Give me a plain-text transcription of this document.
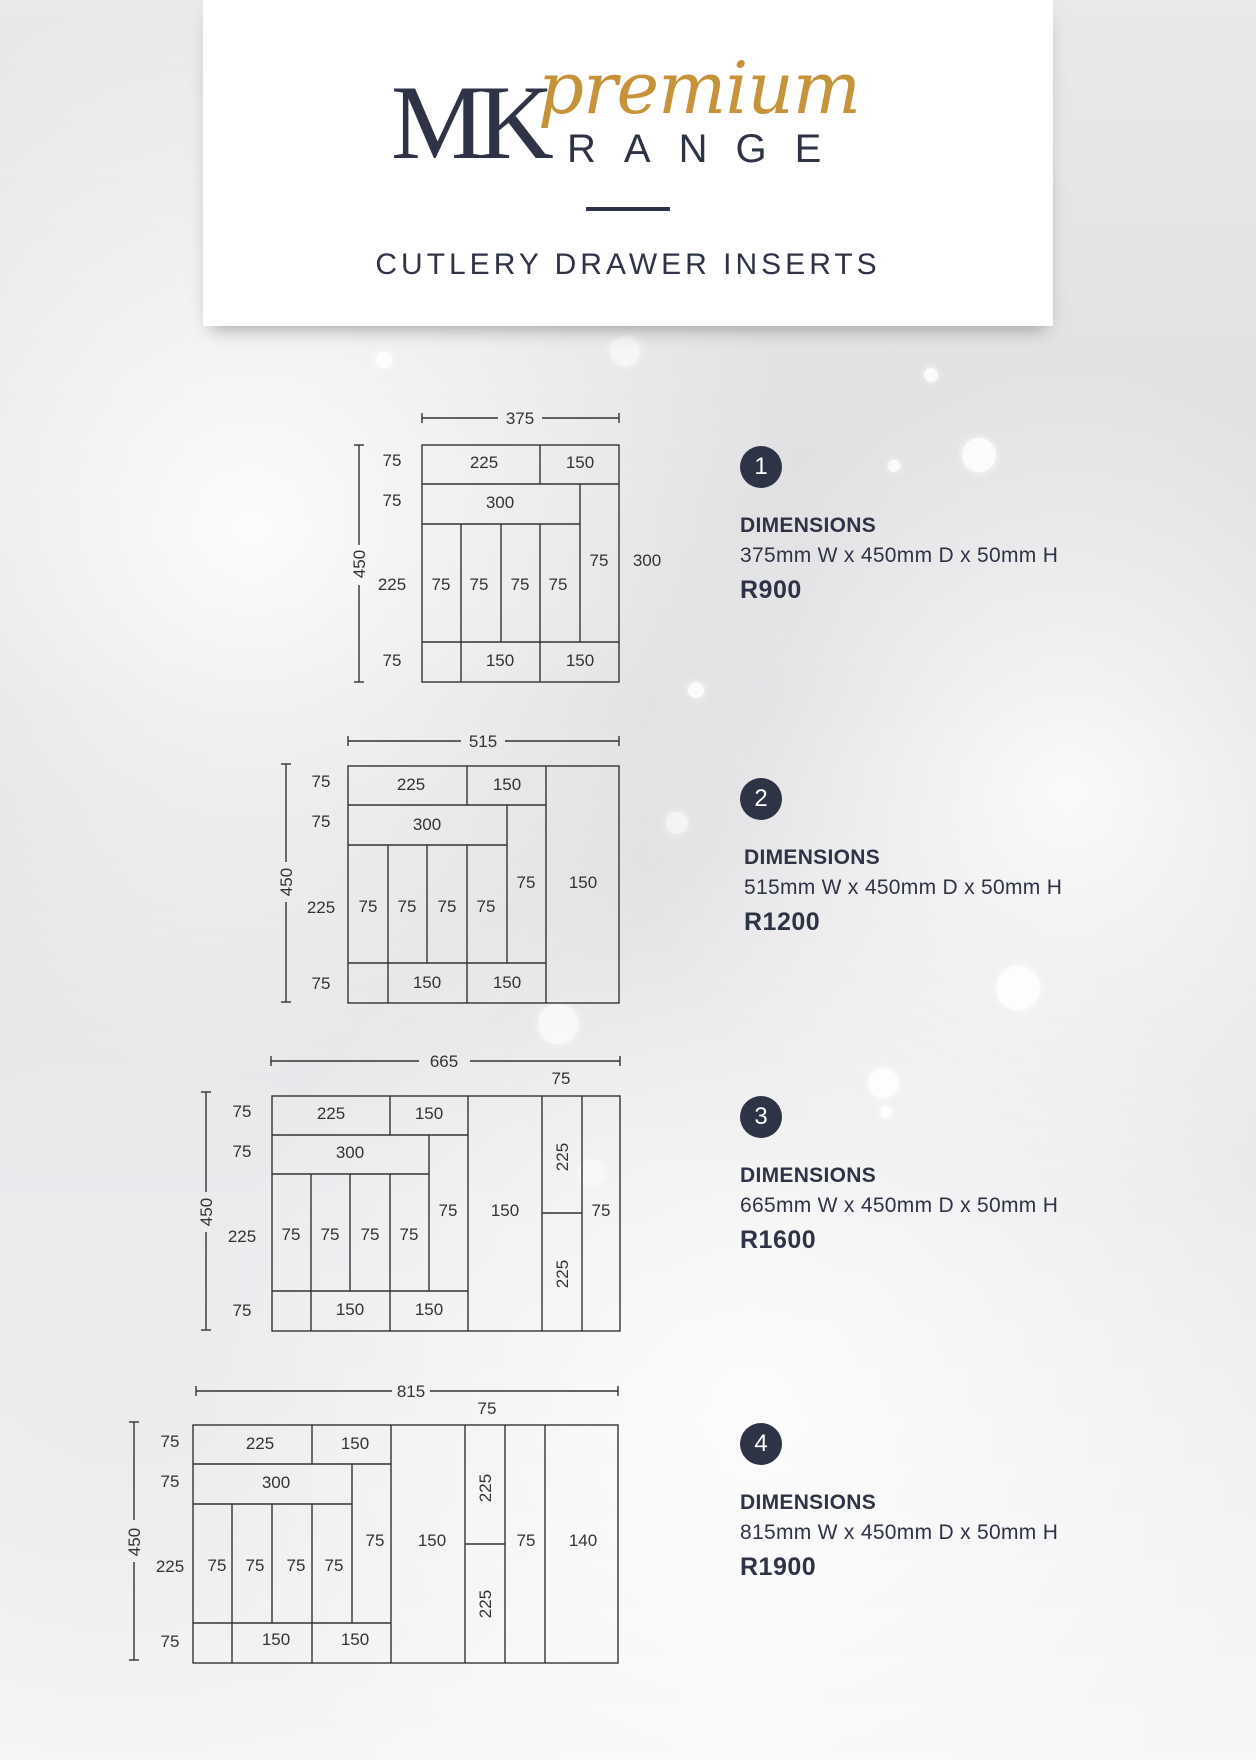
MK
premium
RANGE
CUTLERY DRAWER INSERTS
375
450
75
75
225
75
225	150
300
75 75 75 75
75
150	150
300
515
450
75
75
225
75
225	150
300
75 75 75 75
75
150	150
150
665
75
450
75
75
225
75
225	150
300
75 75 75 75
75
150	150
150
225
225
75
815
75
450
75
75
225
75
225	150
300
75 75 75 75
75
150	150
150
225
225
75 140
1
DIMENSIONS
375mm W x 450mm D x 50mm H
R900
2
DIMENSIONS
515mm W x 450mm D x 50mm H
R1200
3
DIMENSIONS
665mm W x 450mm D x 50mm H
R1600
4
DIMENSIONS
815mm W x 450mm D x 50mm H
R1900
